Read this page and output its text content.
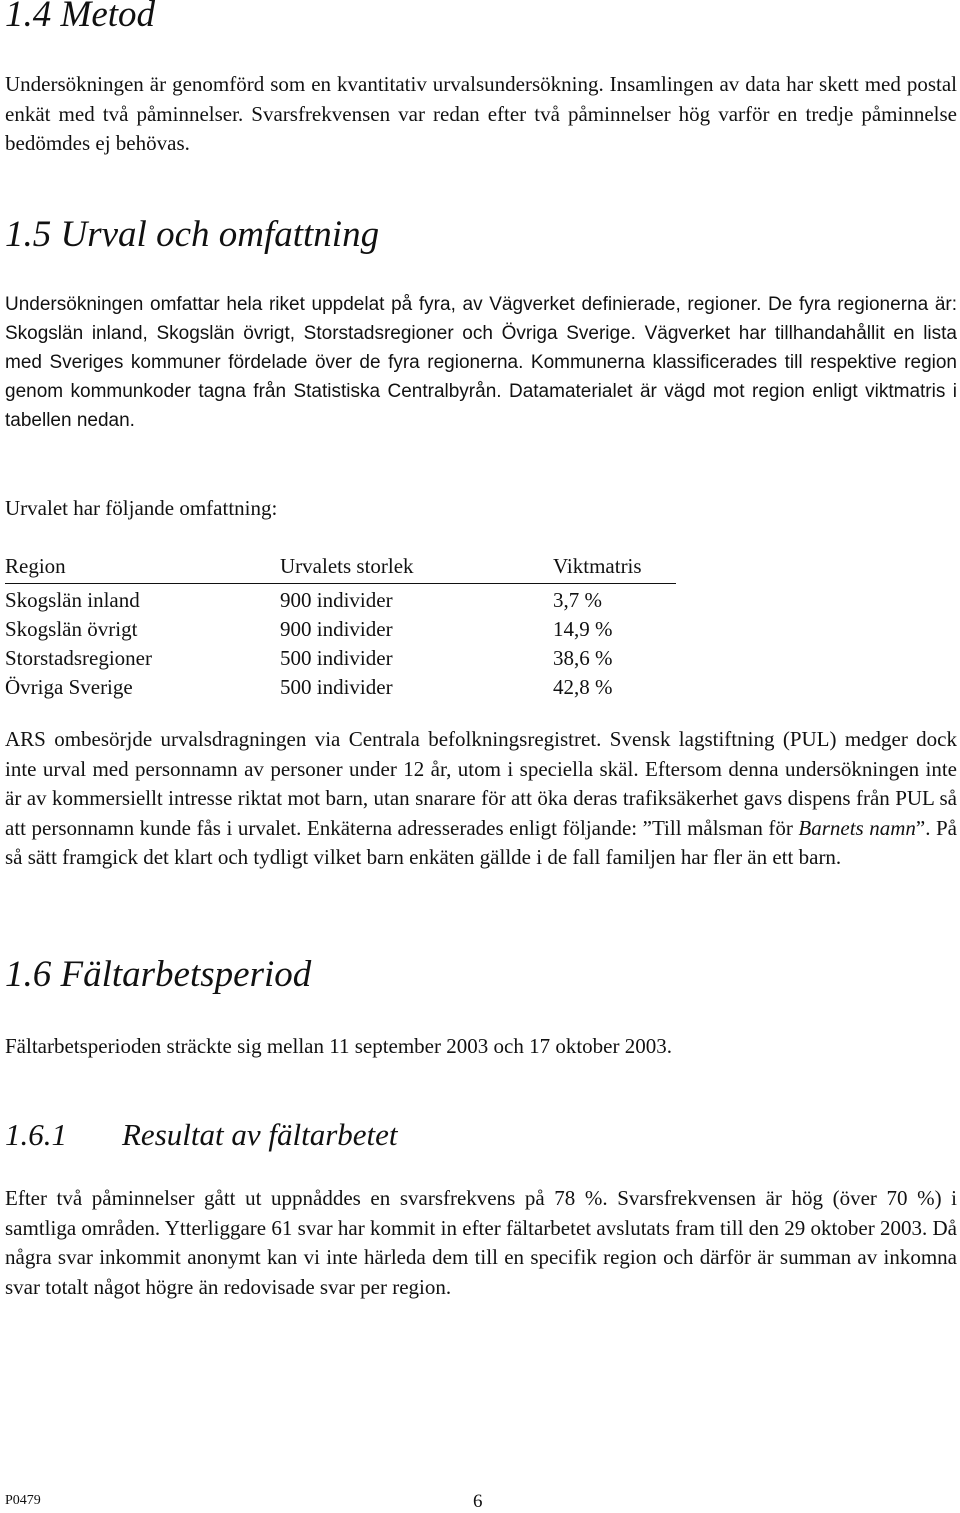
1.4 Metod
Undersökningen är genomförd som en kvantitativ urvalsundersökning. Insamlingen av data har skett med postal enkät med två påminnelser. Svarsfrekvensen var redan efter två påminnelser hög varför en tredje påminnelse bedömdes ej behövas.
1.5 Urval och omfattning
Undersökningen omfattar hela riket uppdelat på fyra, av Vägverket definierade, regioner. De fyra regionerna är: Skogslän inland, Skogslän övrigt, Storstadsregioner och Övriga Sverige. Vägverket har tillhandahållit en lista med Sveriges kommuner fördelade över de fyra regionerna. Kommunerna klassificerades till respektive region genom kommunkoder tagna från Statistiska Centralbyrån. Datamaterialet är vägd mot region enligt viktmatris i tabellen nedan.
Urvalet har följande omfattning:
Region	Urvalets storlek	Viktmatris
Skogslän inland	900 individer	3,7 %
Skogslän övrigt	900 individer	14,9 %
Storstadsregioner	500 individer	38,6 %
Övriga Sverige	500 individer	42,8 %
ARS ombesörjde urvalsdragningen via Centrala befolkningsregistret. Svensk lagstiftning (PUL) medger dock inte urval med personnamn av personer under 12 år, utom i speciella skäl. Eftersom denna undersökningen inte är av kommersiellt intresse riktat mot barn, utan snarare för att öka deras trafiksäkerhet gavs dispens från PUL så att personnamn kunde fås i urvalet. Enkäterna adresserades enligt följande: ”Till målsman för Barnets namn”. På så sätt framgick det klart och tydligt vilket barn enkäten gällde i de fall familjen har fler än ett barn.
1.6 Fältarbetsperiod
Fältarbetsperioden sträckte sig mellan 11 september 2003 och 17 oktober 2003.
1.6.1 Resultat av fältarbetet
Efter två påminnelser gått ut uppnåddes en svarsfrekvens på 78 %. Svarsfrekvensen är hög (över 70 %) i samtliga områden. Ytterliggare 61 svar har kommit in efter fältarbetet avslutats fram till den 29 oktober 2003. Då några svar inkommit anonymt kan vi inte härleda dem till en specifik region och därför är summan av inkomna svar totalt något högre än redovisade svar per region.
P0479	6
